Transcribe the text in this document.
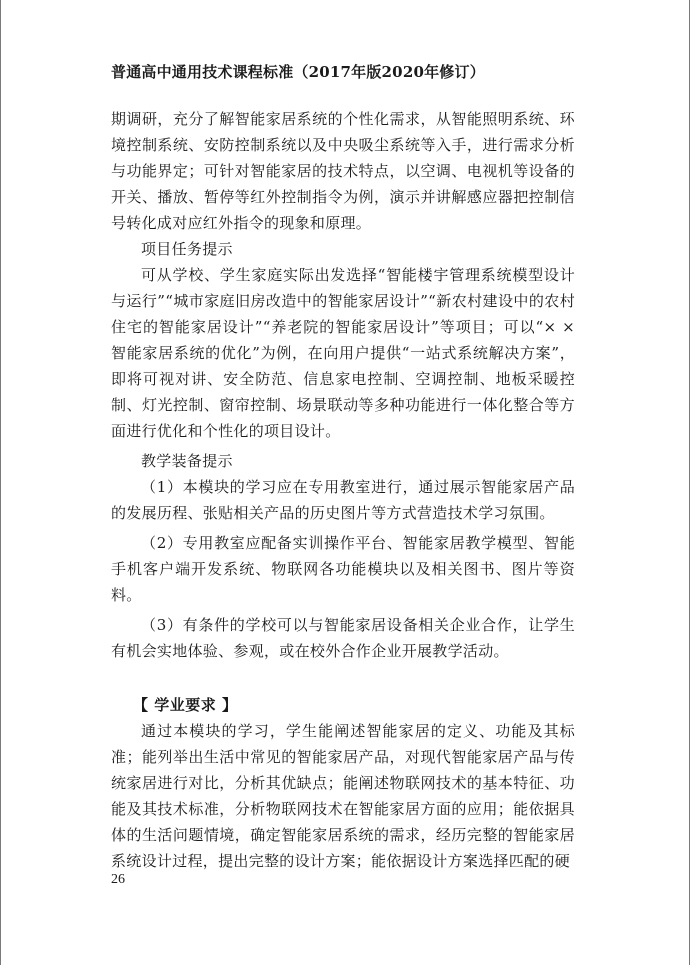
普通高中通用技术课程标准（2017年版2020年修订）

期调研，充分了解智能家居系统的个性化需求，从智能照明系统、环境控制系统、安防控制系统以及中央吸尘系统等入手，进行需求分析与功能界定；可针对智能家居的技术特点，以空调、电视机等设备的开关、播放、暂停等红外控制指令为例，演示并讲解感应器把控制信号转化成对应红外指令的现象和原理。

项目任务提示

可从学校、学生家庭实际出发选择“智能楼宇管理系统模型设计与运行”“城市家庭旧房改造中的智能家居设计”“新农村建设中的农村住宅的智能家居设计”“养老院的智能家居设计”等项目；可以“× × 智能家居系统的优化”为例，在向用户提供“一站式系统解决方案”，即将可视对讲、安全防范、信息家电控制、空调控制、地板采暖控制、灯光控制、窗帘控制、场景联动等多种功能进行一体化整合等方面进行优化和个性化的项目设计。

教学装备提示

（1）本模块的学习应在专用教室进行，通过展示智能家居产品的发展历程、张贴相关产品的历史图片等方式营造技术学习氛围。

（2）专用教室应配备实训操作平台、智能家居教学模型、智能手机客户端开发系统、物联网各功能模块以及相关图书、图片等资料。

（3）有条件的学校可以与智能家居设备相关企业合作，让学生有机会实地体验、参观，或在校外合作企业开展教学活动。

【 学业要求 】

通过本模块的学习，学生能阐述智能家居的定义、功能及其标准；能列举出生活中常见的智能家居产品，对现代智能家居产品与传统家居进行对比，分析其优缺点；能阐述物联网技术的基本特征、功能及其技术标准，分析物联网技术在智能家居方面的应用；能依据具体的生活问题情境，确定智能家居系统的需求，经历完整的智能家居系统设计过程，提出完整的设计方案；能依据设计方案选择匹配的硬

26
